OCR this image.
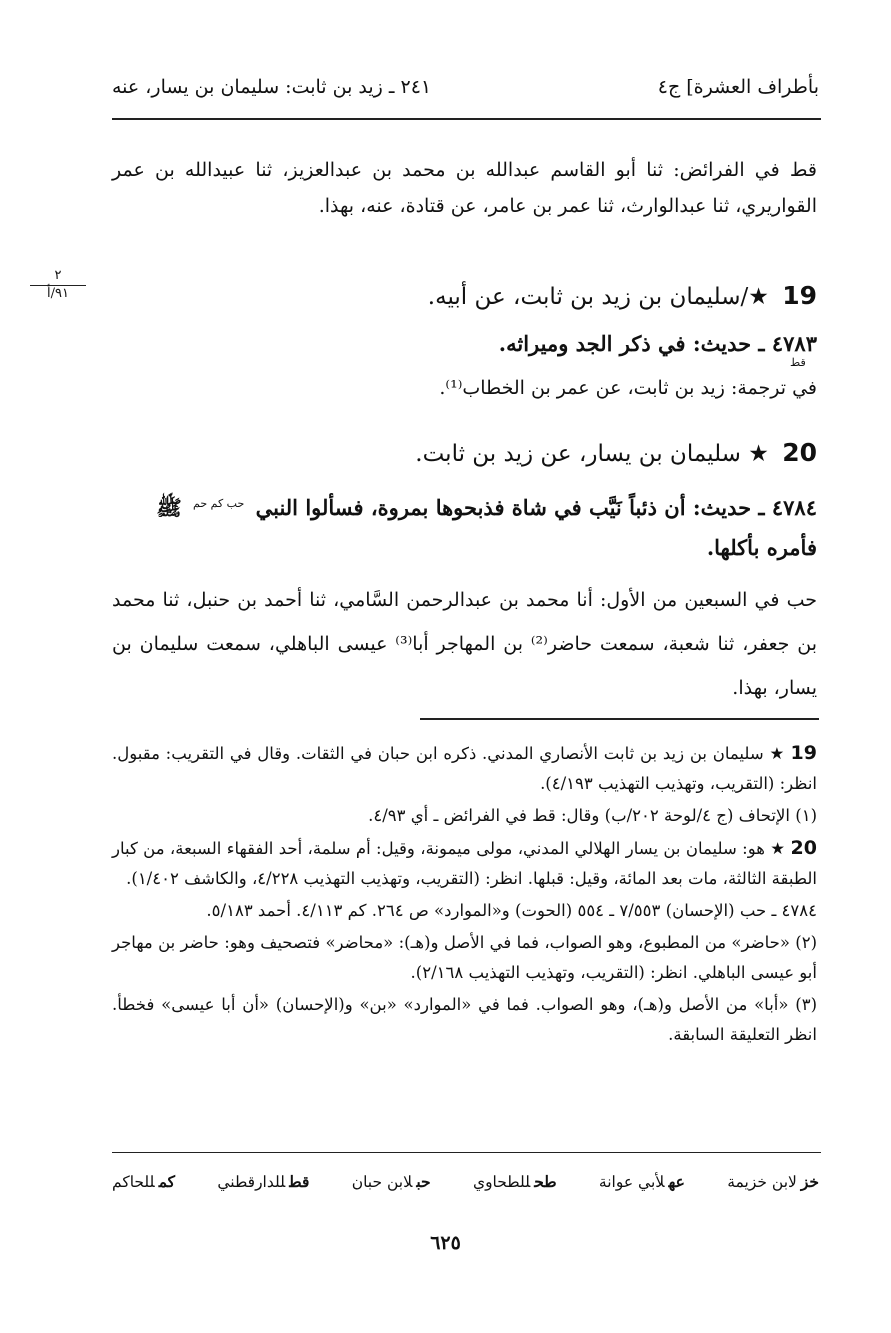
٢٤١ ـ زيد بن ثابت: سليمان بن يسار، عنه	بأطراف العشرة] ج٤
٢
٩١/أ
قط في الفرائض: ثنا أبو القاسم عبدالله بن محمد بن عبدالعزيز، ثنا عبيدالله بن عمر القواريري، ثنا عبدالوارث، ثنا عمر بن عامر، عن قتادة، عنه، بهذا.
19 ★/سليمان بن زيد بن ثابت، عن أبيه.
٤٧٨٣ ـ حديث: في ذكر الجد وميراثه.
قط
في ترجمة: زيد بن ثابت، عن عمر بن الخطاب⁽¹⁾.
20 ★ سليمان بن يسار، عن زيد بن ثابت.
٤٧٨٤ ـ حديث: أن ذئباً نَيَّب في شاة فذبحوها بمروة، فسألوا النبي $^{حب كم حم}$ ﷺ فأمره بأكلها.
حب في السبعين من الأول: أنا محمد بن عبدالرحمن السَّامي، ثنا أحمد بن حنبل، ثنا محمد بن جعفر، ثنا شعبة، سمعت حاضر⁽²⁾ بن المهاجر أبا⁽³⁾ عيسى الباهلي، سمعت سليمان بن يسار، بهذا.

19 ★ سليمان بن زيد بن ثابت الأنصاري المدني. ذكره ابن حبان في الثقات. وقال في التقريب: مقبول. انظر: (التقريب، وتهذيب التهذيب ٤/١٩٣).

(١) الإتحاف (ج ٤/لوحة ٢٠٢/ب) وقال: قط في الفرائض ـ أي ٤/٩٣.

20 ★ هو: سليمان بن يسار الهلالي المدني، مولى ميمونة، وقيل: أم سلمة، أحد الفقهاء السبعة، من كبار الطبقة الثالثة، مات بعد المائة، وقيل: قبلها. انظر: (التقريب، وتهذيب التهذيب ٤/٢٢٨، والكاشف ١/٤٠٢).

٤٧٨٤ ـ حب (الإحسان) ٧/٥٥٣ ـ ٥٥٤ (الحوت) و«الموارد» ص ٢٦٤. كم ٤/١١٣. أحمد ٥/١٨٣.

(٢) «حاضر» من المطبوع، وهو الصواب، فما في الأصل و(هـ): «محاضر» فتصحيف وهو: حاضر بن مهاجر أبو عيسى الباهلي. انظر: (التقريب، وتهذيب التهذيب ٢/١٦٨).

(٣) «أبا» من الأصل و(هـ)، وهو الصواب. فما في «الموارد» «بن» و(الإحسان) «أن أبا عيسى» فخطأ. انظر التعليقة السابقة.

خزلابن خزيمة
عهلأبي عوانة
طحللطحاوي
حبلابن حبان
قطللدارقطني
كمللحاكم
٦٢٥
